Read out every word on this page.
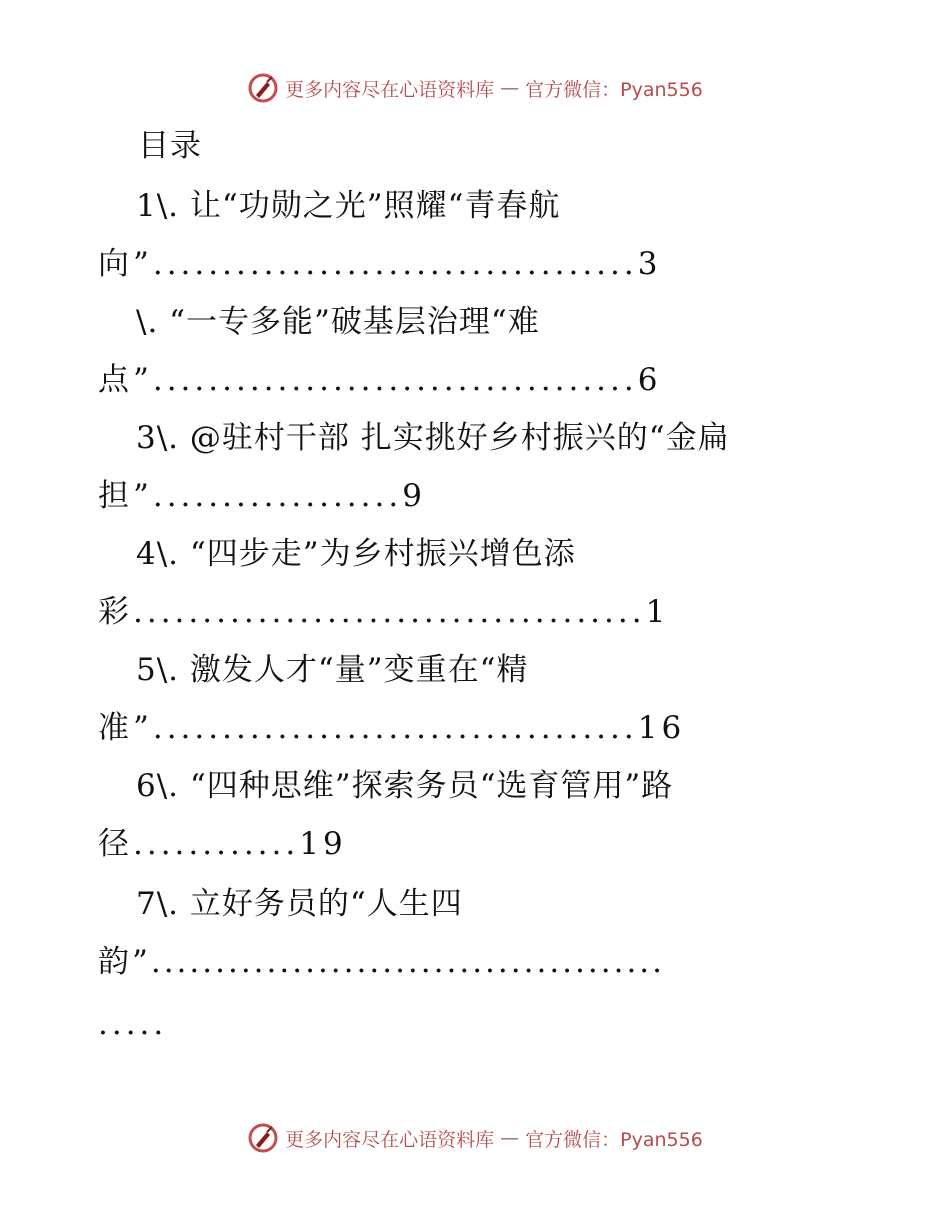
更多内容尽在心语资料库 — 官方微信：Pyan556
目录
1\. 让“功勋之光”照耀“青春航
向”...................................3
\. “一专多能”破基层治理“难
点”...................................6
3\. @驻村干部 扎实挑好乡村振兴的“金扁
担”..................9
4\. “四步走”为乡村振兴增色添
彩.....................................1
5\. 激发人才“量”变重在“精
准”...................................16
6\. “四种思维”探索务员“选育管用”路
径............19
7\. 立好务员的“人生四
韵”........................................
.....
更多内容尽在心语资料库 — 官方微信：Pyan556
